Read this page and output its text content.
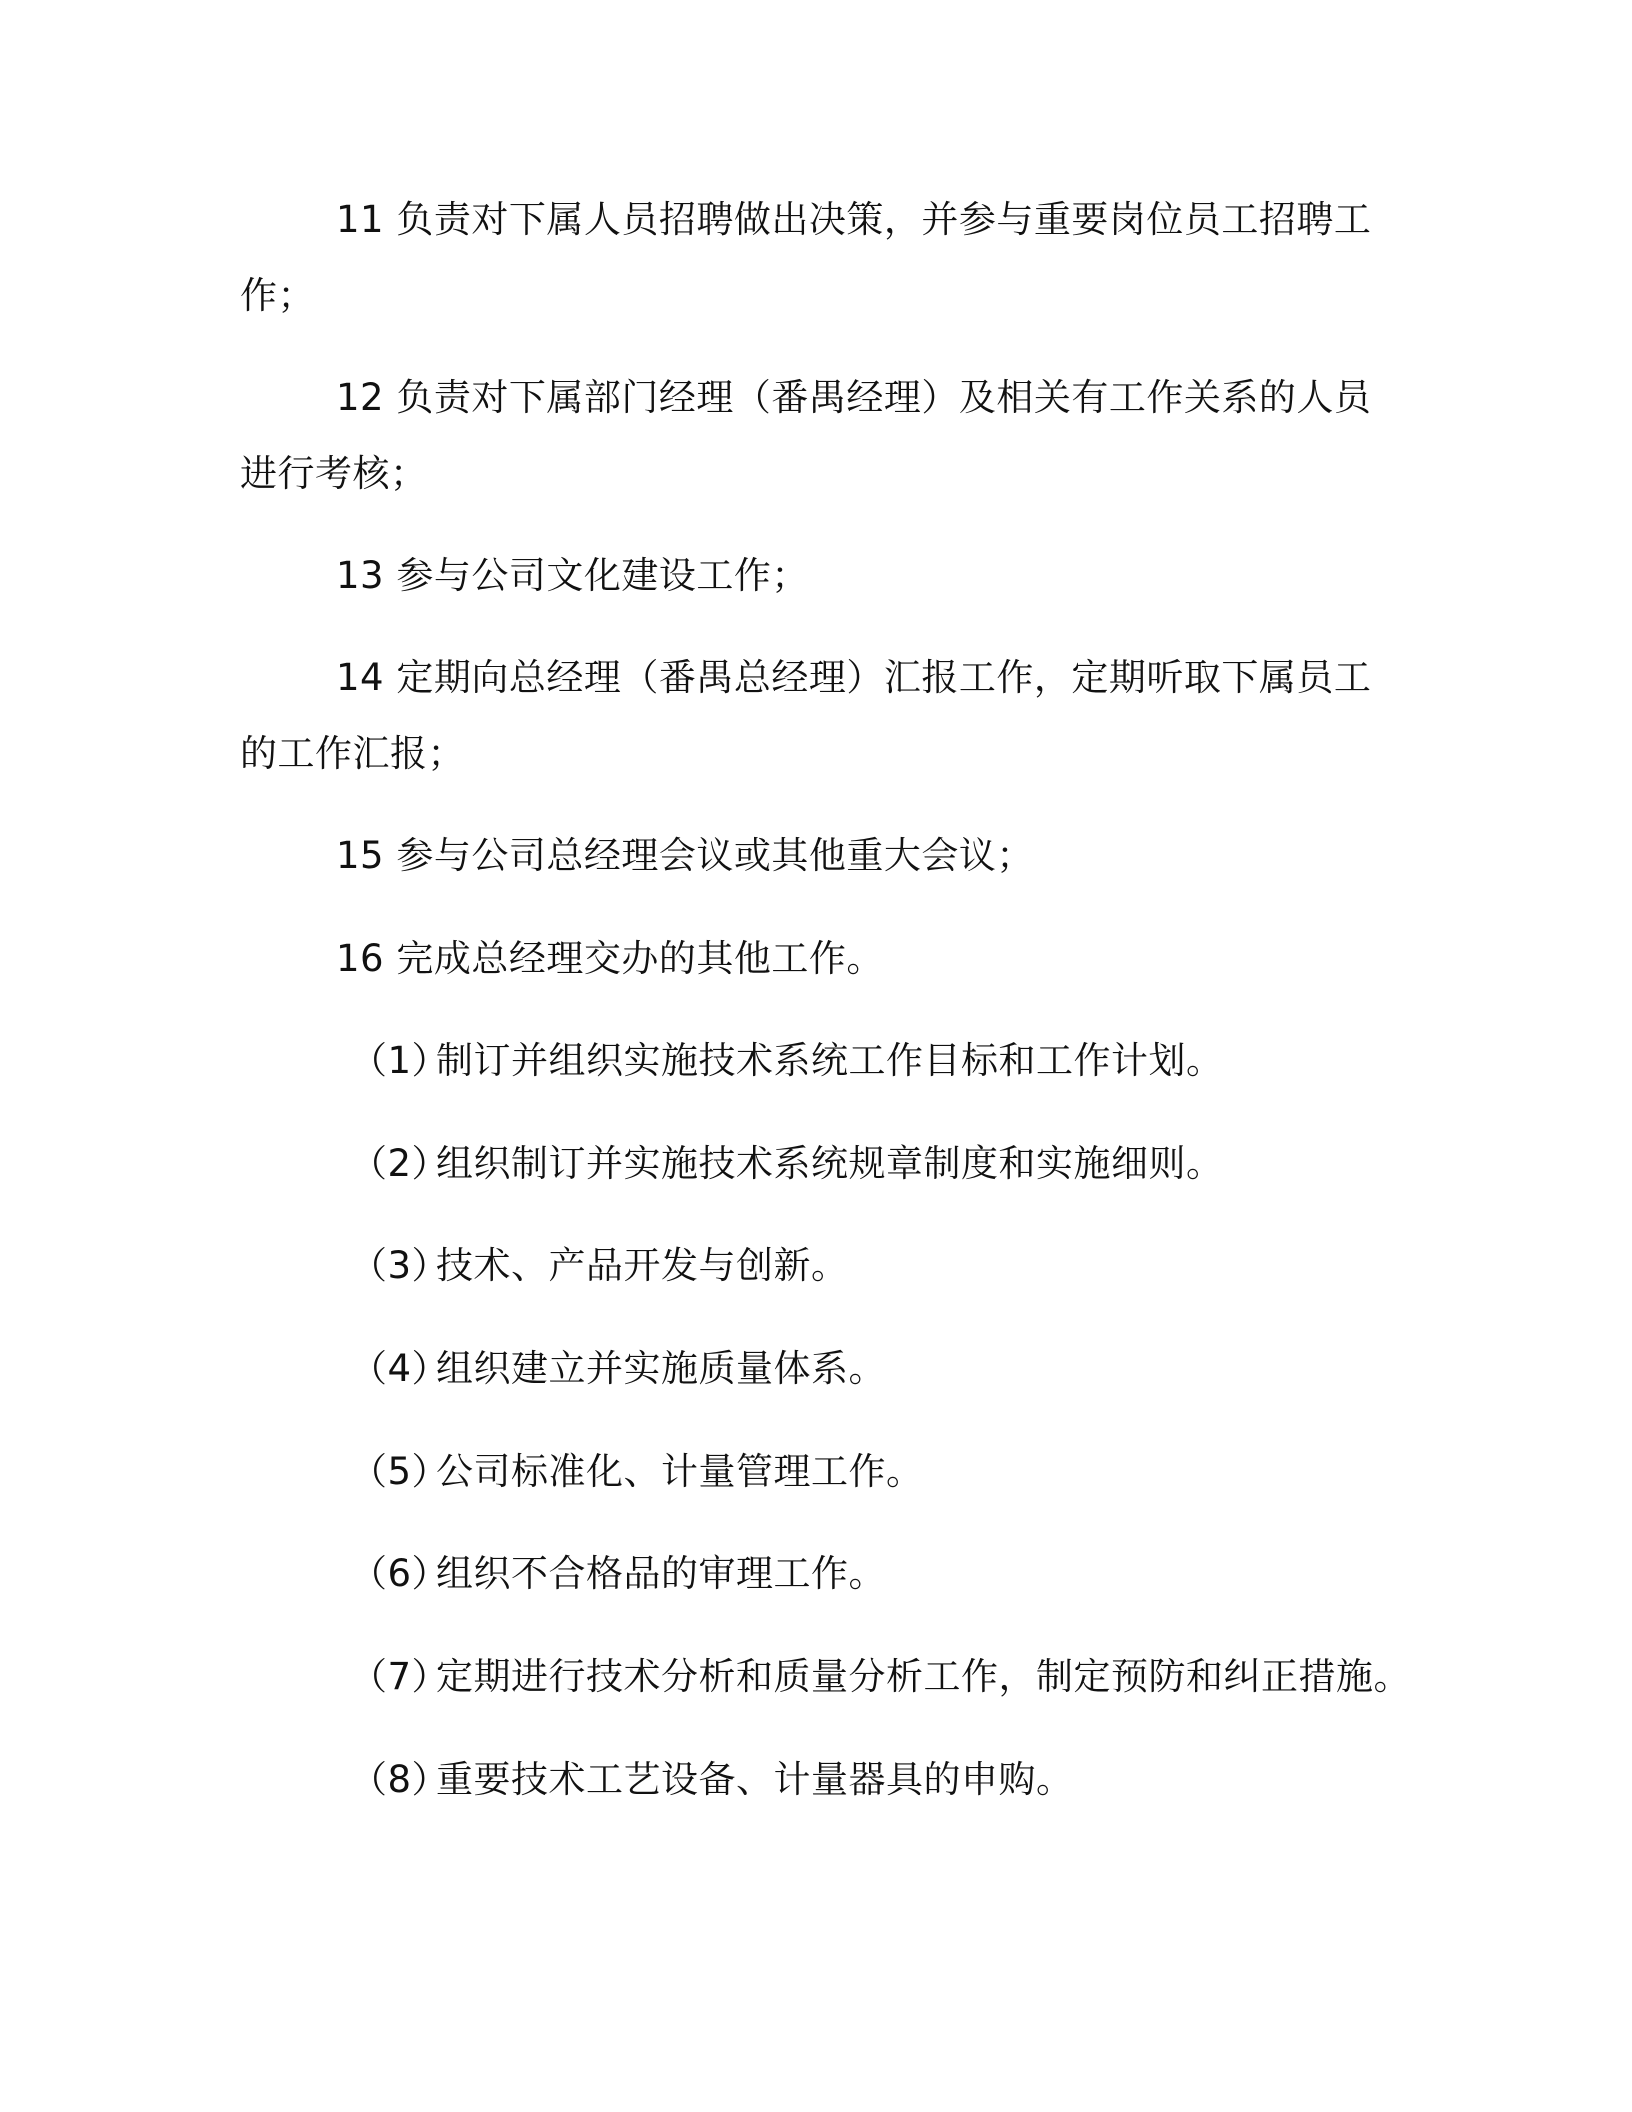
11 负责对下属人员招聘做出决策，并参与重要岗位员工招聘工
作；
12 负责对下属部门经理（番禺经理）及相关有工作关系的人员
进行考核；
13 参与公司文化建设工作；
14 定期向总经理（番禺总经理）汇报工作，定期听取下属员工
的工作汇报；
15 参与公司总经理会议或其他重大会议；
16 完成总经理交办的其他工作。
（1）制订并组织实施技术系统工作目标和工作计划。
（2）组织制订并实施技术系统规章制度和实施细则。
（3）技术、产品开发与创新。
（4）组织建立并实施质量体系。
（5）公司标准化、计量管理工作。
（6）组织不合格品的审理工作。
（7）定期进行技术分析和质量分析工作，制定预防和纠正措施。
（8）重要技术工艺设备、计量器具的申购。
